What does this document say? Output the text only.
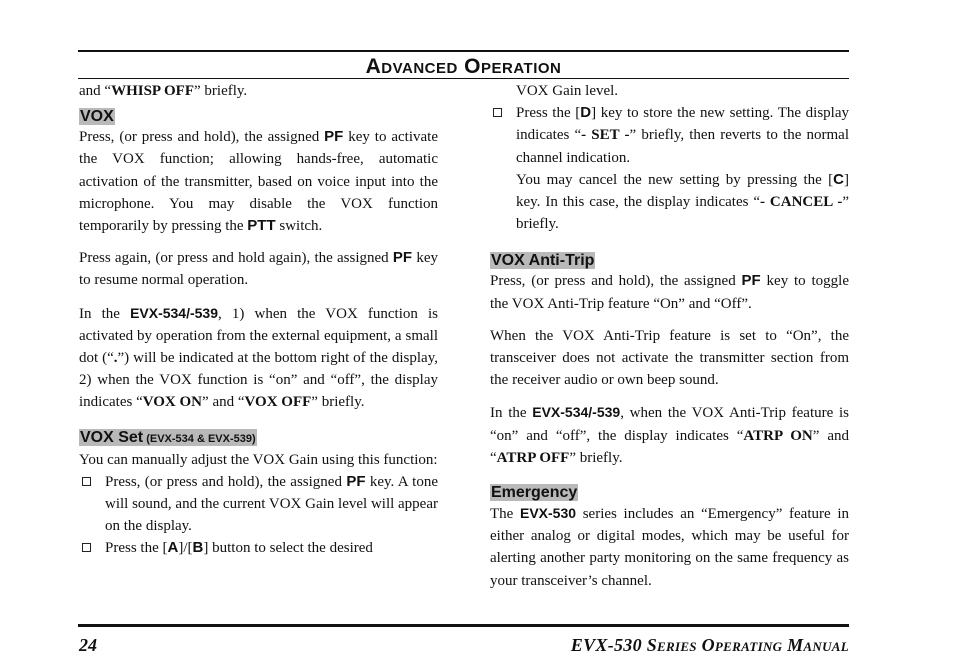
Advanced Operation

and “WHISP OFF” briefly.

VOX

Press, (or press and hold), the assigned PF key to activate the VOX function; allowing hands-free, automatic activation of the transmitter, based on voice input into the microphone. You may disable the VOX function temporarily by pressing the PTT switch.

Press again, (or press and hold again), the assigned PF key to resume normal operation.

In the EVX-534/-539, 1) when the VOX function is activated by operation from the external equipment, a small dot (“.”) will be indicated at the bottom right of the display, 2) when the VOX function is “on” and “off”, the display indicates “VOX ON” and “VOX OFF” briefly.

VOX Set (EVX-534 & EVX-539)

You can manually adjust the VOX Gain using this function:

Press, (or press and hold), the assigned PF key. A tone will sound, and the current VOX Gain level will appear on the display.
Press the [A]/[B] button to select the desired
VOX Gain level.
Press the [D] key to store the new setting. The display indicates “- SET -” briefly, then reverts to the normal channel indication.
You may cancel the new setting by pressing the [C] key. In this case, the display indicates “- CANCEL -” briefly.
VOX Anti-Trip

Press, (or press and hold), the assigned PF key to toggle the VOX Anti-Trip feature “On” and “Off”.

When the VOX Anti-Trip feature is set to “On”, the transceiver does not activate the transmitter section from the receiver audio or own beep sound.

In the EVX-534/-539, when the VOX Anti-Trip feature is “on” and “off”, the display indicates “ATRP ON” and “ATRP OFF” briefly.

Emergency

The EVX-530 series includes an “Emergency” feature in either analog or digital modes, which may be useful for alerting another party monitoring on the same frequency as your transceiver’s channel.

24	EVX-530 Series Operating Manual
